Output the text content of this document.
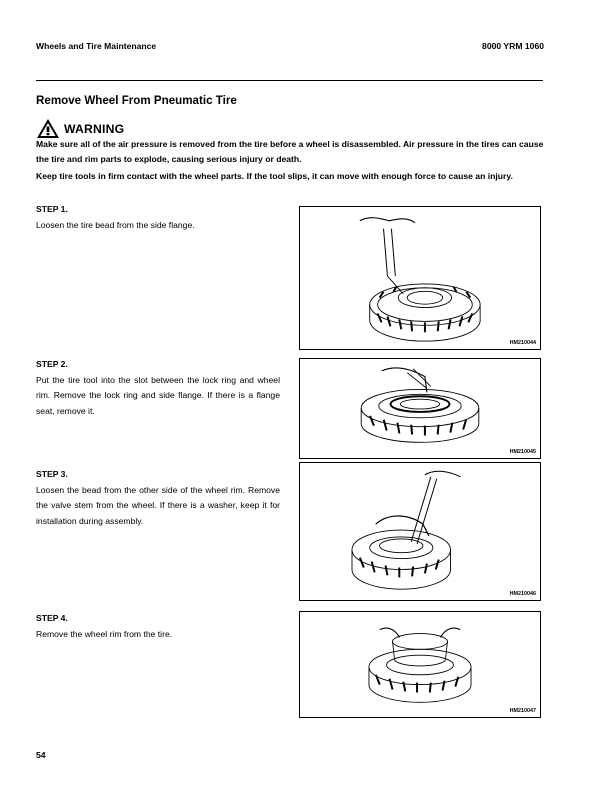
Wheels and Tire Maintenance	8000 YRM 1060
Remove Wheel From Pneumatic Tire
WARNING

Make sure all of the air pressure is removed from the tire before a wheel is disassembled. Air pressure in the tires can cause the tire and rim parts to explode, causing serious injury or death.

Keep tire tools in firm contact with the wheel parts. If the tool slips, it can move with enough force to cause an injury.

STEP 1.
Loosen the tire bead from the side flange.
HM210044
STEP 2.
Put the tire tool into the slot between the lock ring and wheel rim. Remove the lock ring and side flange. If there is a flange seat, remove it.
HM210045
STEP 3.
Loosen the bead from the other side of the wheel rim. Remove the valve stem from the wheel. If there is a washer, keep it for installation during assembly.
HM210046
STEP 4.
Remove the wheel rim from the tire.
HM210047
54
